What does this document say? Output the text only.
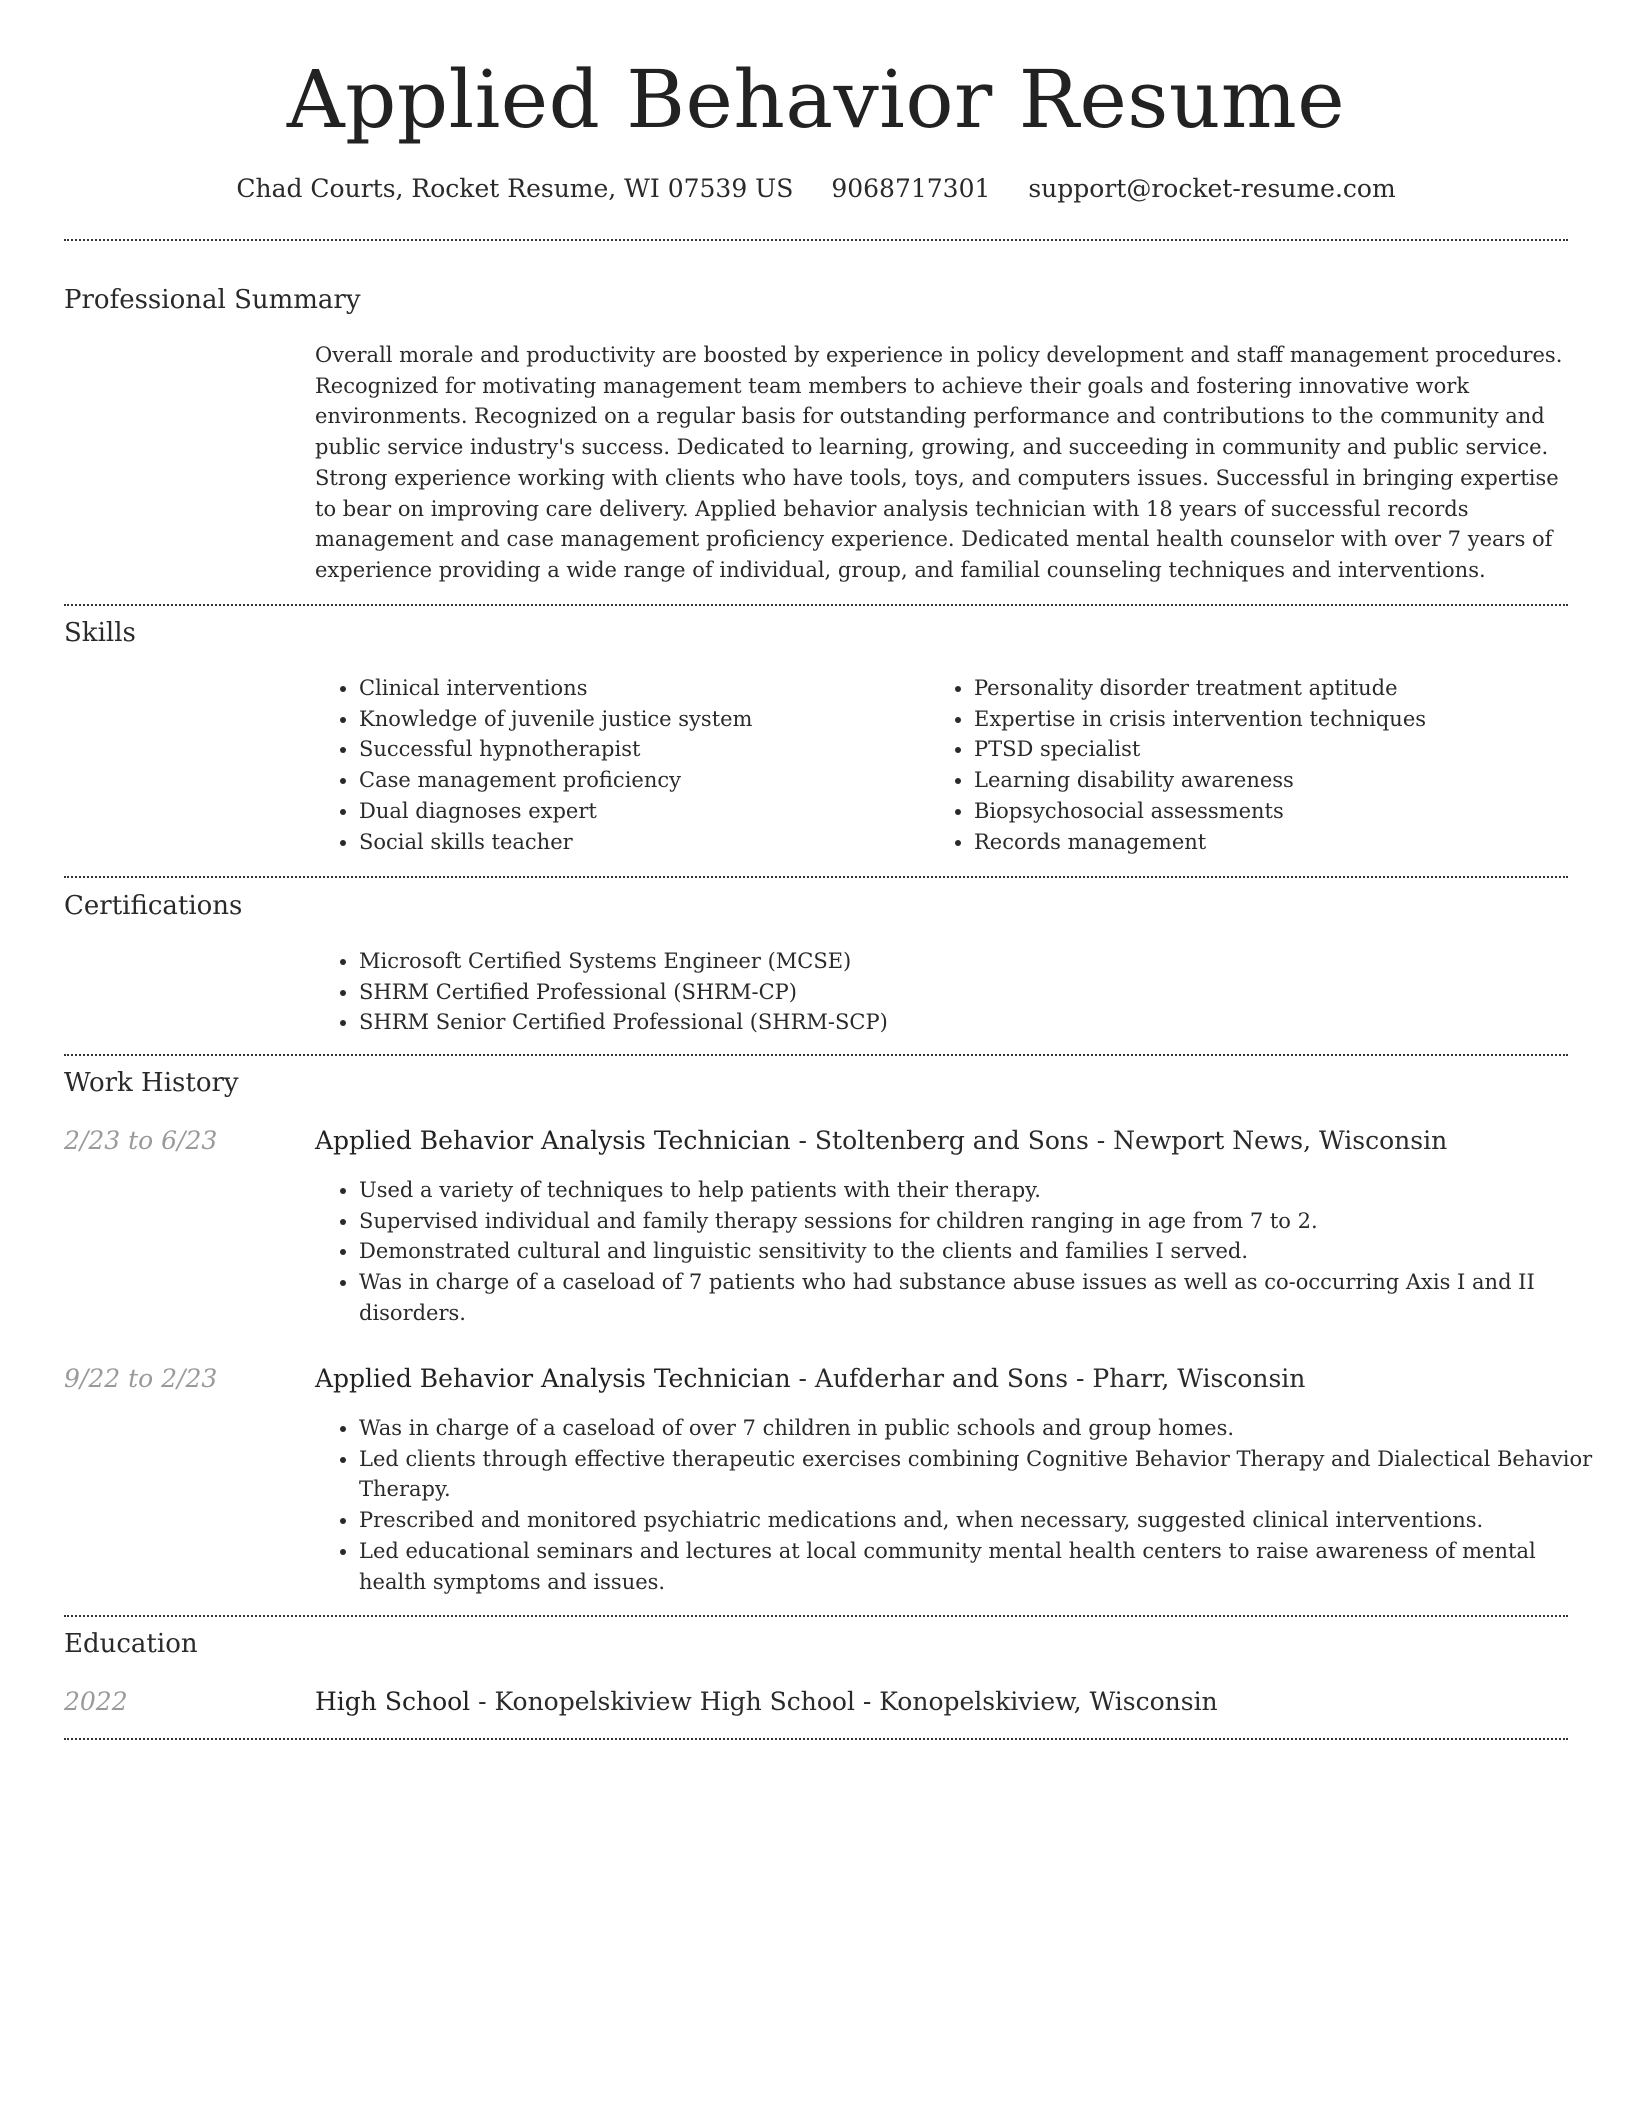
Applied Behavior Resume
Chad Courts, Rocket Resume, WI 07539 US 9068717301 support@rocket-resume.com
Professional Summary
Overall morale and productivity are boosted by experience in policy development and staff management procedures. Recognized for motivating management team members to achieve their goals and fostering innovative work environments. Recognized on a regular basis for outstanding performance and contributions to the community and public service industry's success. Dedicated to learning, growing, and succeeding in community and public service. Strong experience working with clients who have tools, toys, and computers issues. Successful in bringing expertise to bear on improving care delivery. Applied behavior analysis technician with 18 years of successful records management and case management proficiency experience. Dedicated mental health counselor with over 7 years of experience providing a wide range of individual, group, and familial counseling techniques and interventions.
Skills
• Clinical interventions
• Knowledge of juvenile justice system
• Successful hypnotherapist
• Case management proficiency
• Dual diagnoses expert
• Social skills teacher
• Personality disorder treatment aptitude
• Expertise in crisis intervention techniques
• PTSD specialist
• Learning disability awareness
• Biopsychosocial assessments
• Records management
Certifications
• Microsoft Certified Systems Engineer (MCSE)
• SHRM Certified Professional (SHRM-CP)
• SHRM Senior Certified Professional (SHRM-SCP)
Work History
2/23 to 6/23	Applied Behavior Analysis Technician - Stoltenberg and Sons - Newport News, Wisconsin
• Used a variety of techniques to help patients with their therapy.
• Supervised individual and family therapy sessions for children ranging in age from 7 to 2.
• Demonstrated cultural and linguistic sensitivity to the clients and families I served.
• Was in charge of a caseload of 7 patients who had substance abuse issues as well as co-occurring Axis I and II disorders.
9/22 to 2/23	Applied Behavior Analysis Technician - Aufderhar and Sons - Pharr, Wisconsin
• Was in charge of a caseload of over 7 children in public schools and group homes.
• Led clients through effective therapeutic exercises combining Cognitive Behavior Therapy and Dialectical Behavior Therapy.
• Prescribed and monitored psychiatric medications and, when necessary, suggested clinical interventions.
• Led educational seminars and lectures at local community mental health centers to raise awareness of mental health symptoms and issues.
Education
2022	High School - Konopelskiview High School - Konopelskiview, Wisconsin
